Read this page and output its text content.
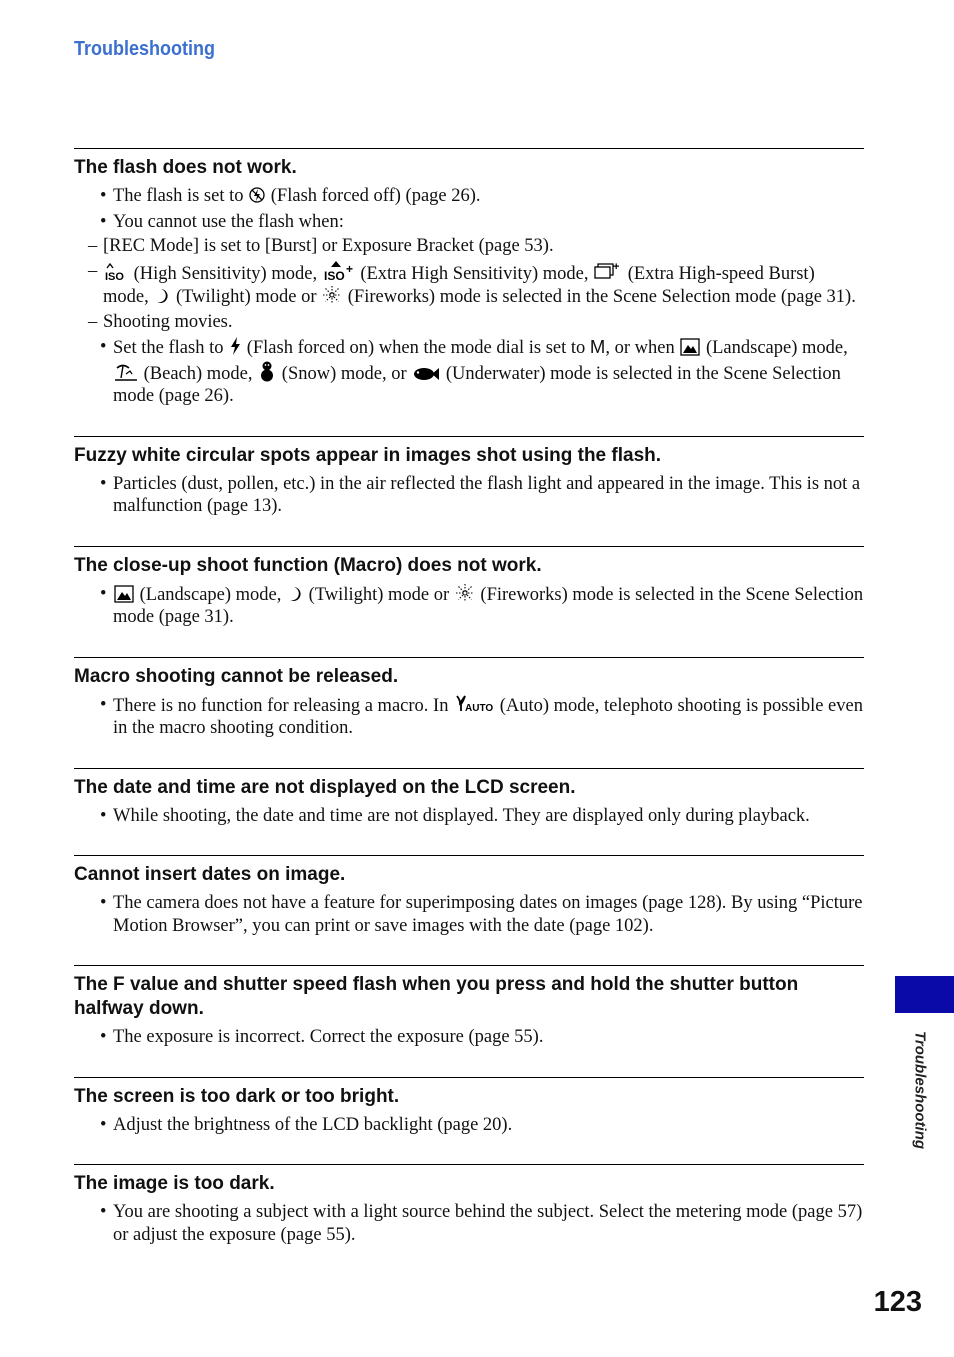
Troubleshooting
The flash does not work.
• The flash is set to  (Flash forced off) (page 26).
• You cannot use the flash when:
– [REC Mode] is set to [Burst] or Exposure Bracket (page 53).
– ISO (High Sensitivity) mode, ISO + (Extra High Sensitivity) mode, + (Extra High-speed Burst) mode,  (Twilight) mode or  (Fireworks) mode is selected in the Scene Selection mode (page 31).
– Shooting movies.
• Set the flash to  (Flash forced on) when the mode dial is set to M, or when  (Landscape) mode,  (Beach) mode,  (Snow) mode, or  (Underwater) mode is selected in the Scene Selection mode (page 26).
Fuzzy white circular spots appear in images shot using the flash.
• Particles (dust, pollen, etc.) in the air reflected the flash light and appeared in the image. This is not a malfunction (page 13).
The close-up shoot function (Macro) does not work.
• (Landscape) mode,  (Twilight) mode or  (Fireworks) mode is selected in the Scene Selection mode (page 31).
Macro shooting cannot be released.
• There is no function for releasing a macro. In AUTO (Auto) mode, telephoto shooting is possible even in the macro shooting condition.
The date and time are not displayed on the LCD screen.
• While shooting, the date and time are not displayed. They are displayed only during playback.
Cannot insert dates on image.
• The camera does not have a feature for superimposing dates on images (page 128). By using “Picture Motion Browser”, you can print or save images with the date (page 102).
The F value and shutter speed flash when you press and hold the shutter button halfway down.
• The exposure is incorrect. Correct the exposure (page 55).
The screen is too dark or too bright.
• Adjust the brightness of the LCD backlight (page 20).
The image is too dark.
• You are shooting a subject with a light source behind the subject. Select the metering mode (page 57) or adjust the exposure (page 55).
Troubleshooting
123
